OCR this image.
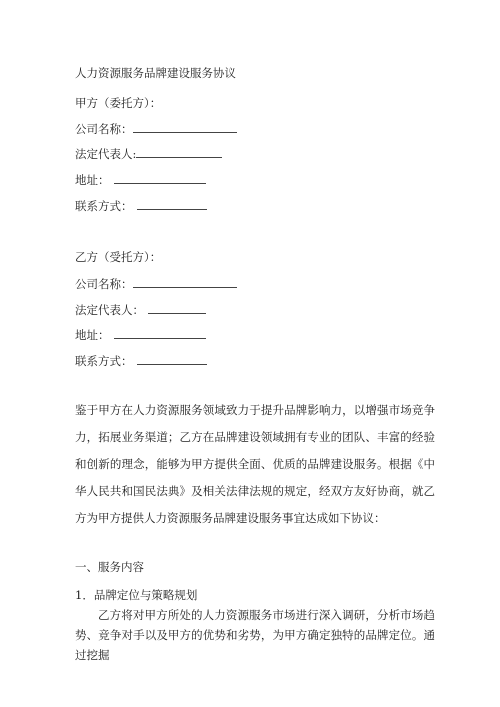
人力资源服务品牌建设服务协议
甲方（委托方）：
公司名称：
法定代表人:
地址：
联系方式：
乙方（受托方）：
公司名称：
法定代表人：
地址：
联系方式：
鉴于甲方在人力资源服务领域致力于提升品牌影响力，以增强市场竞争力，拓展业务渠道；乙方在品牌建设领域拥有专业的团队、丰富的经验和创新的理念，能够为甲方提供全面、优质的品牌建设服务。根据《中华人民共和国民法典》及相关法律法规的规定，经双方友好协商，就乙方为甲方提供人力资源服务品牌建设服务事宜达成如下协议：
一、服务内容
1．品牌定位与策略规划
乙方将对甲方所处的人力资源服务市场进行深入调研，分析市场趋势、竞争对手以及甲方的优势和劣势，为甲方确定独特的品牌定位。通过挖掘
